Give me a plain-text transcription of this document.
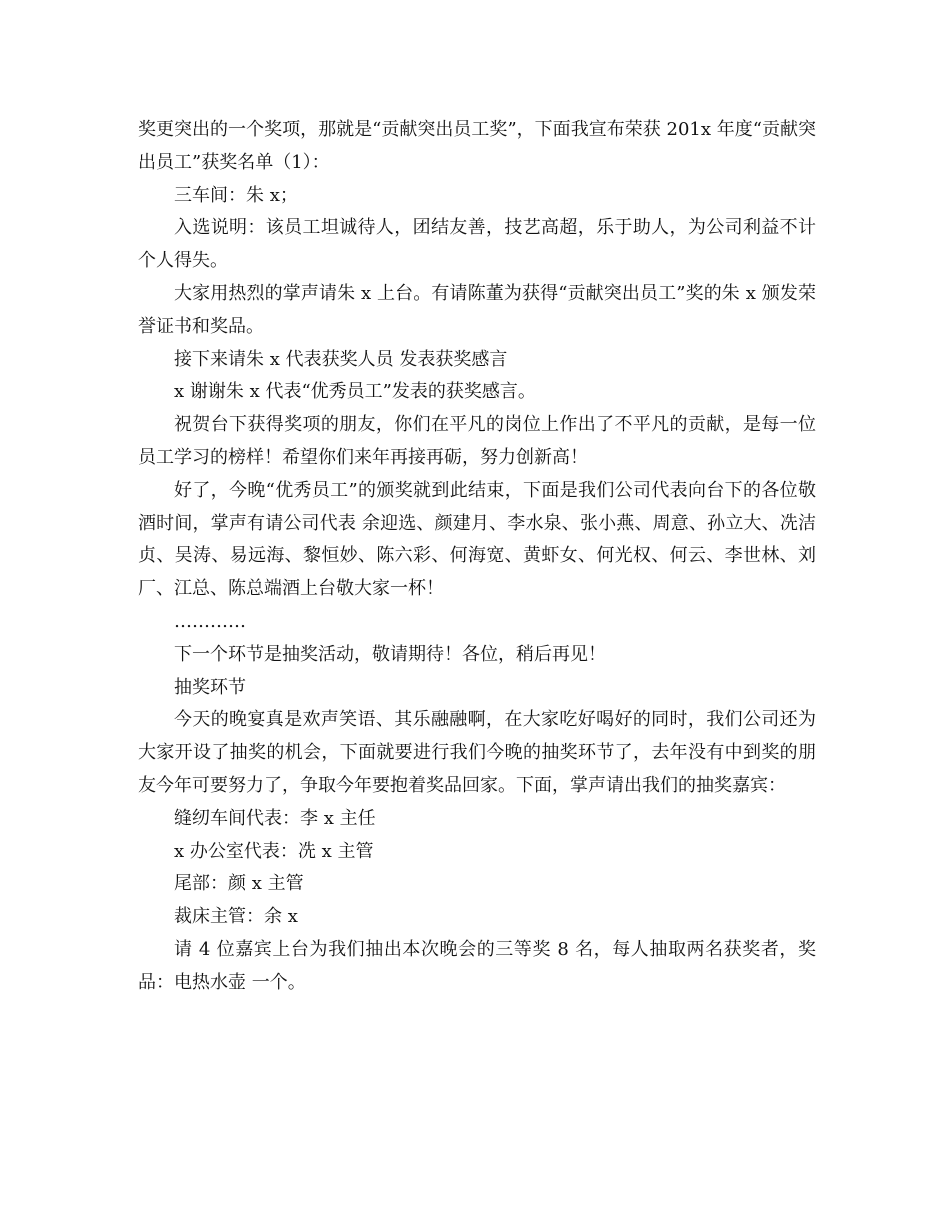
奖更突出的一个奖项，那就是“贡献突出员工奖”，下面我宣布荣获 201x 年度“贡献突出员工”获奖名单（1）：

三车间：朱 x；

入选说明：该员工坦诚待人，团结友善，技艺高超，乐于助人，为公司利益不计个人得失。

大家用热烈的掌声请朱 x 上台。有请陈董为获得“贡献突出员工”奖的朱 x 颁发荣誉证书和奖品。

接下来请朱 x 代表获奖人员 发表获奖感言

x 谢谢朱 x 代表“优秀员工”发表的获奖感言。

祝贺台下获得奖项的朋友，你们在平凡的岗位上作出了不平凡的贡献，是每一位员工学习的榜样！希望你们来年再接再砺，努力创新高！

好了，今晚“优秀员工”的颁奖就到此结束，下面是我们公司代表向台下的各位敬酒时间，掌声有请公司代表 余迎选、颜建月、李水泉、张小燕、周意、孙立大、冼洁贞、吴涛、易远海、黎恒妙、陈六彩、何海宽、黄虾女、何光权、何云、李世林、刘厂、江总、陈总端酒上台敬大家一杯！

…………

下一个环节是抽奖活动，敬请期待！各位，稍后再见！

抽奖环节

今天的晚宴真是欢声笑语、其乐融融啊，在大家吃好喝好的同时，我们公司还为大家开设了抽奖的机会，下面就要进行我们今晚的抽奖环节了，去年没有中到奖的朋友今年可要努力了，争取今年要抱着奖品回家。下面，掌声请出我们的抽奖嘉宾：

缝纫车间代表：李 x 主任

x 办公室代表：冼 x 主管

尾部：颜 x 主管

裁床主管：余 x

请 4 位嘉宾上台为我们抽出本次晚会的三等奖 8 名，每人抽取两名获奖者，奖品：电热水壶 一个。
